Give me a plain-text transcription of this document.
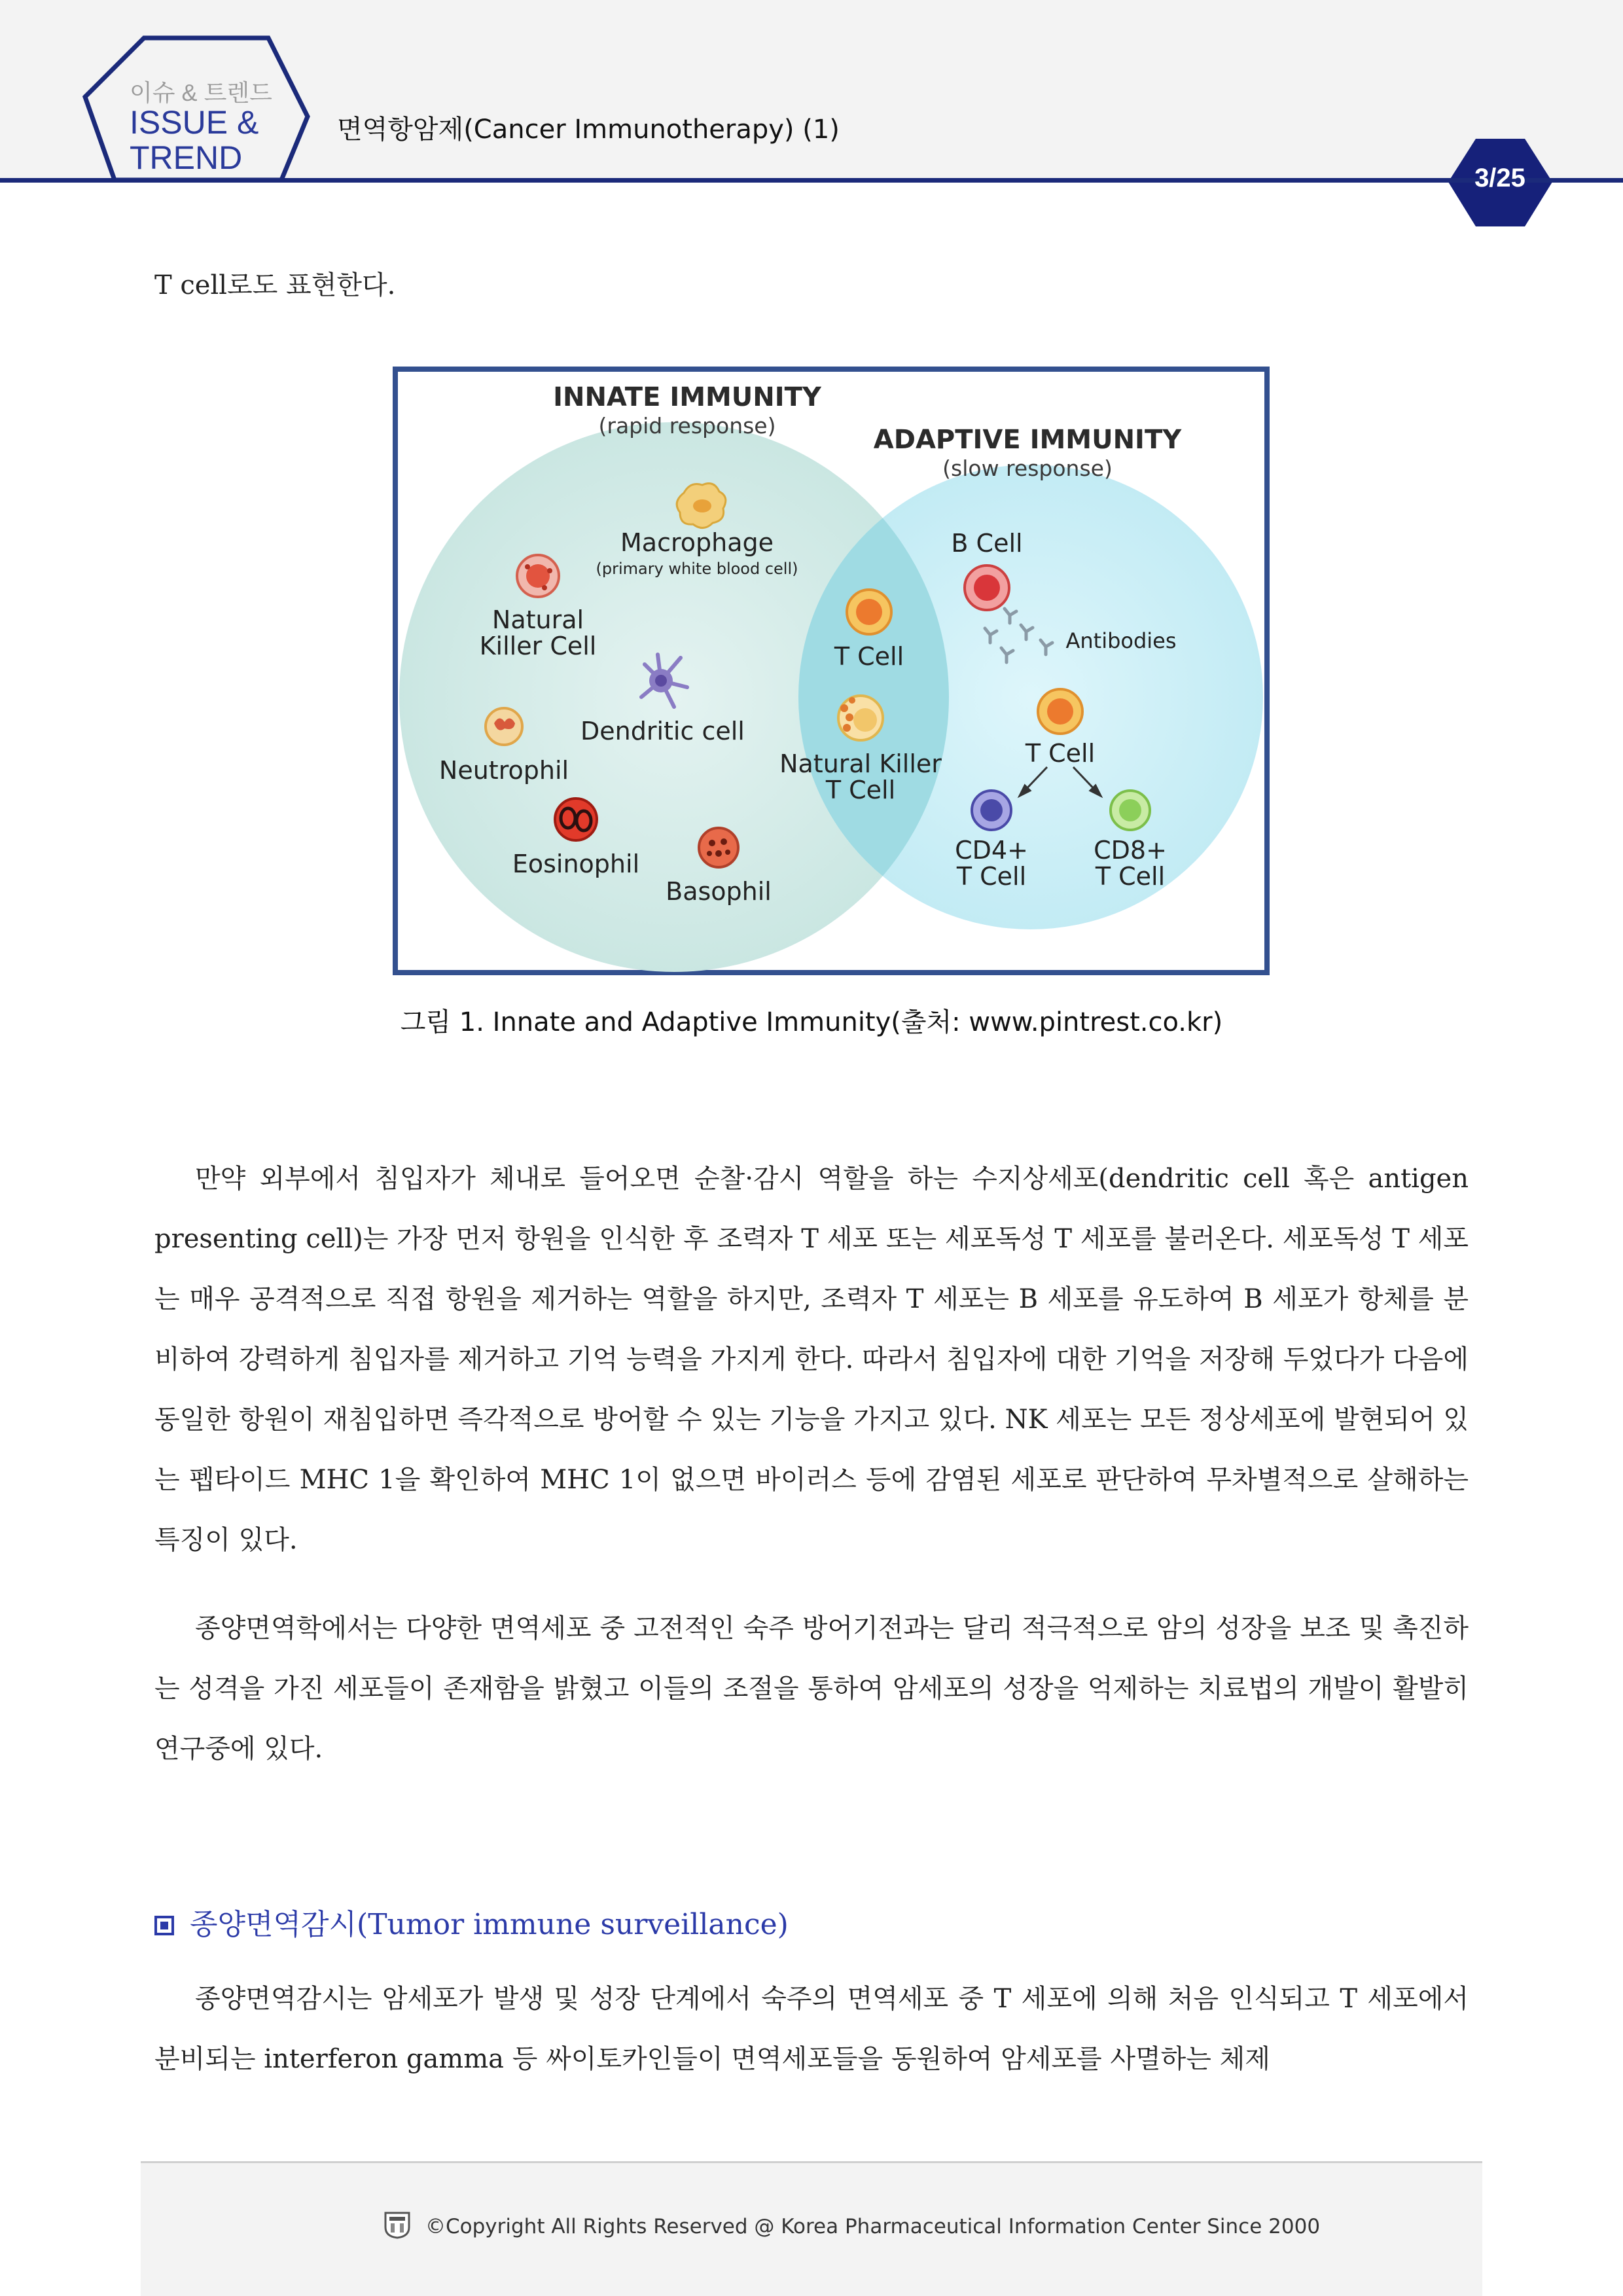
이슈 & 트렌드
ISSUE & TREND
면역항암제(Cancer Immunotherapy) (1)
3/25
T cell로도 표현한다.
INNATE IMMUNITY
(rapid response)	ADAPTIVE IMMUNITY
(slow response)
Macrophage
(primary white blood cell)
Natural
Killer Cell
Dendritic cell
Neutrophil
Eosinophil
Basophil
T Cell
Natural Killer
T Cell
B Cell
Antibodies
T Cell
CD4+
T Cell
CD8+
T Cell
그림 1. Innate and Adaptive Immunity(출처: www.pintrest.co.kr)

만약 외부에서 침입자가 체내로 들어오면 순찰·감시 역할을 하는 수지상세포(dendritic cell 혹은 antigen presenting cell)는 가장 먼저 항원을 인식한 후 조력자 T 세포 또는 세포독성 T 세포를 불러온다. 세포독성 T 세포는 매우 공격적으로 직접 항원을 제거하는 역할을 하지만, 조력자 T 세포는 B 세포를 유도하여 B 세포가 항체를 분비하여 강력하게 침입자를 제거하고 기억 능력을 가지게 한다. 따라서 침입자에 대한 기억을 저장해 두었다가 다음에 동일한 항원이 재침입하면 즉각적으로 방어할 수 있는 기능을 가지고 있다. NK 세포는 모든 정상세포에 발현되어 있는 펩타이드 MHC 1을 확인하여 MHC 1이 없으면 바이러스 등에 감염된 세포로 판단하여 무차별적으로 살해하는 특징이 있다.

종양면역학에서는 다양한 면역세포 중 고전적인 숙주 방어기전과는 달리 적극적으로 암의 성장을 보조 및 촉진하는 성격을 가진 세포들이 존재함을 밝혔고 이들의 조절을 통하여 암세포의 성장을 억제하는 치료법의 개발이 활발히 연구중에 있다.

종양면역감시(Tumor immune surveillance)

종양면역감시는 암세포가 발생 및 성장 단계에서 숙주의 면역세포 중 T 세포에 의해 처음 인식되고 T 세포에서 분비되는 interferon gamma 등 싸이토카인들이 면역세포들을 동원하여 암세포를 사멸하는 체제

©Copyright All Rights Reserved @ Korea Pharmaceutical Information Center Since 2000
